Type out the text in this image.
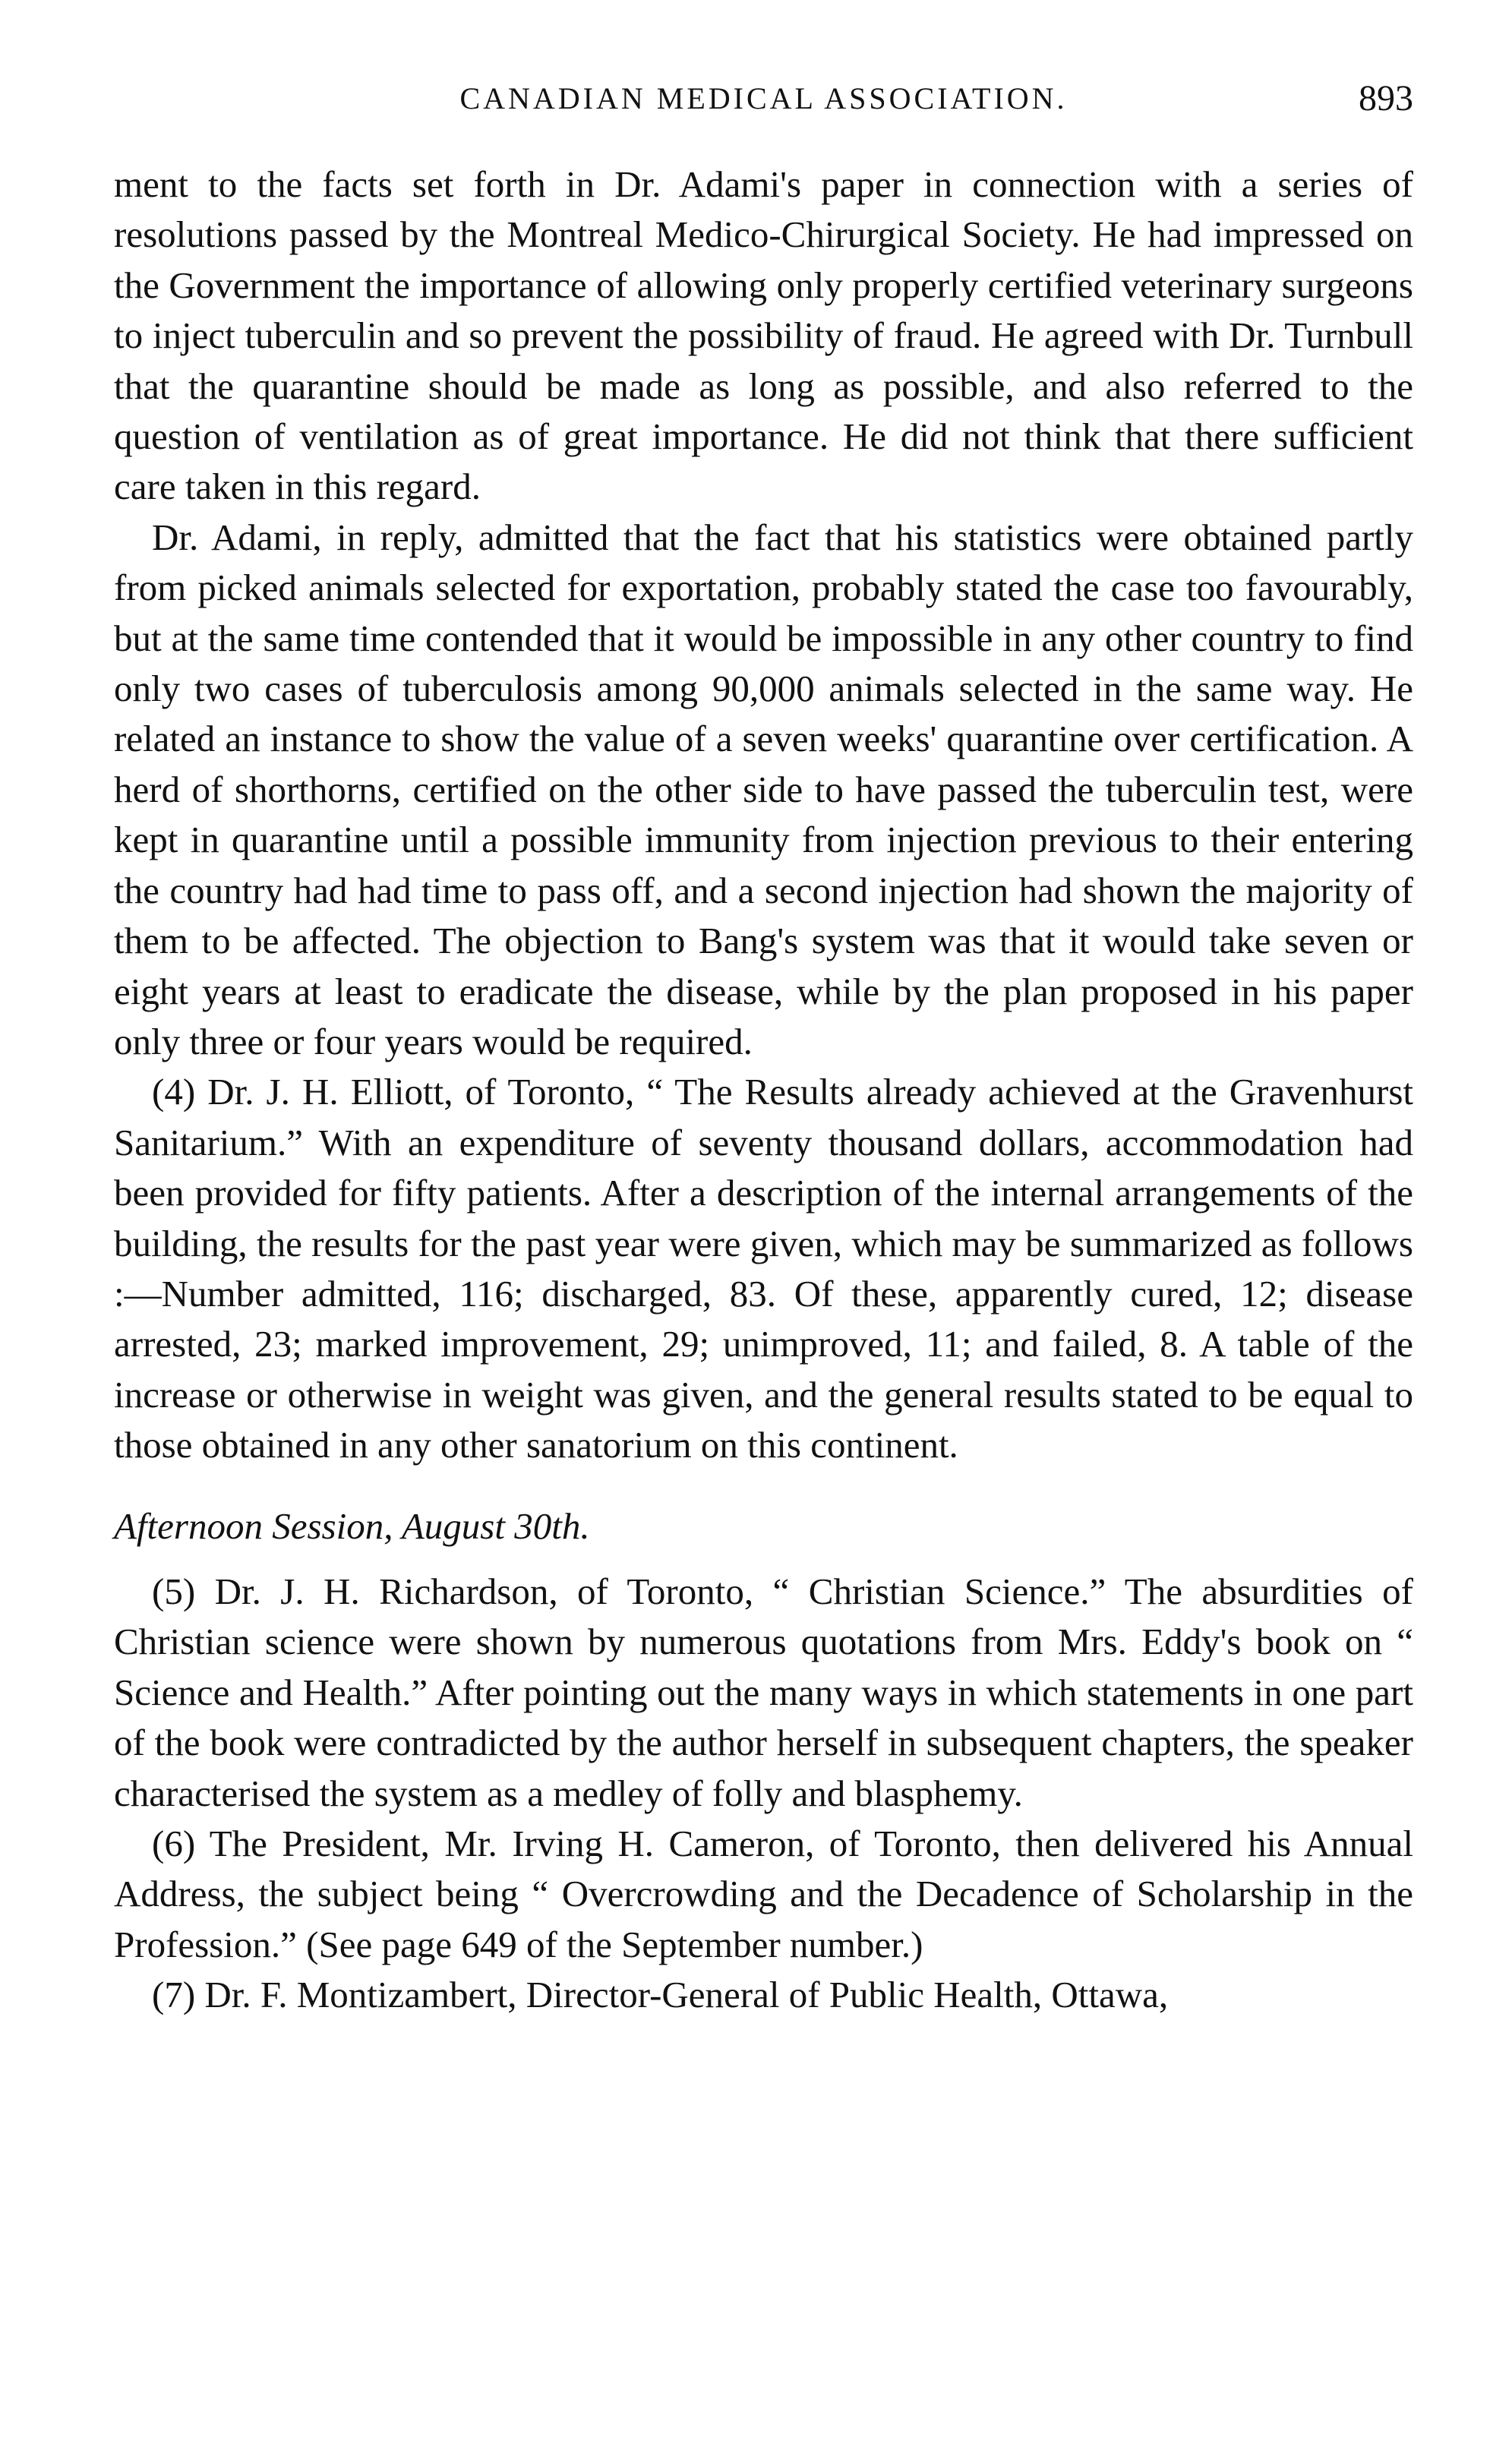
CANADIAN MEDICAL ASSOCIATION.	893

ment to the facts set forth in Dr. Adami's paper in connection with a series of resolutions passed by the Montreal Medico-Chirurgical Society. He had impressed on the Government the importance of allowing only properly certified veterinary surgeons to inject tuberculin and so prevent the possibility of fraud. He agreed with Dr. Turnbull that the quarantine should be made as long as possible, and also referred to the question of ventilation as of great importance. He did not think that there sufficient care taken in this regard.

Dr. Adami, in reply, admitted that the fact that his statistics were obtained partly from picked animals selected for exportation, probably stated the case too favourably, but at the same time contended that it would be impossible in any other country to find only two cases of tuberculosis among 90,000 animals selected in the same way. He related an instance to show the value of a seven weeks' quarantine over certification. A herd of shorthorns, certified on the other side to have passed the tuberculin test, were kept in quarantine until a possible immunity from injection previous to their entering the country had had time to pass off, and a second injection had shown the majority of them to be affected. The objection to Bang's system was that it would take seven or eight years at least to eradicate the disease, while by the plan proposed in his paper only three or four years would be required.

(4) Dr. J. H. Elliott, of Toronto, “ The Results already achieved at the Gravenhurst Sanitarium.” With an expenditure of seventy thousand dollars, accommodation had been provided for fifty patients. After a description of the internal arrangements of the building, the results for the past year were given, which may be summarized as follows :—Number admitted, 116; discharged, 83. Of these, apparently cured, 12; disease arrested, 23; marked improvement, 29; unimproved, 11; and failed, 8. A table of the increase or otherwise in weight was given, and the general results stated to be equal to those obtained in any other sanatorium on this continent.

Afternoon Session, August 30th.

(5) Dr. J. H. Richardson, of Toronto, “ Christian Science.” The absurdities of Christian science were shown by numerous quotations from Mrs. Eddy's book on “ Science and Health.” After pointing out the many ways in which statements in one part of the book were contradicted by the author herself in subsequent chapters, the speaker characterised the system as a medley of folly and blasphemy.

(6) The President, Mr. Irving H. Cameron, of Toronto, then delivered his Annual Address, the subject being “ Overcrowding and the Decadence of Scholarship in the Profession.” (See page 649 of the September number.)

(7) Dr. F. Montizambert, Director-General of Public Health, Ottawa,
